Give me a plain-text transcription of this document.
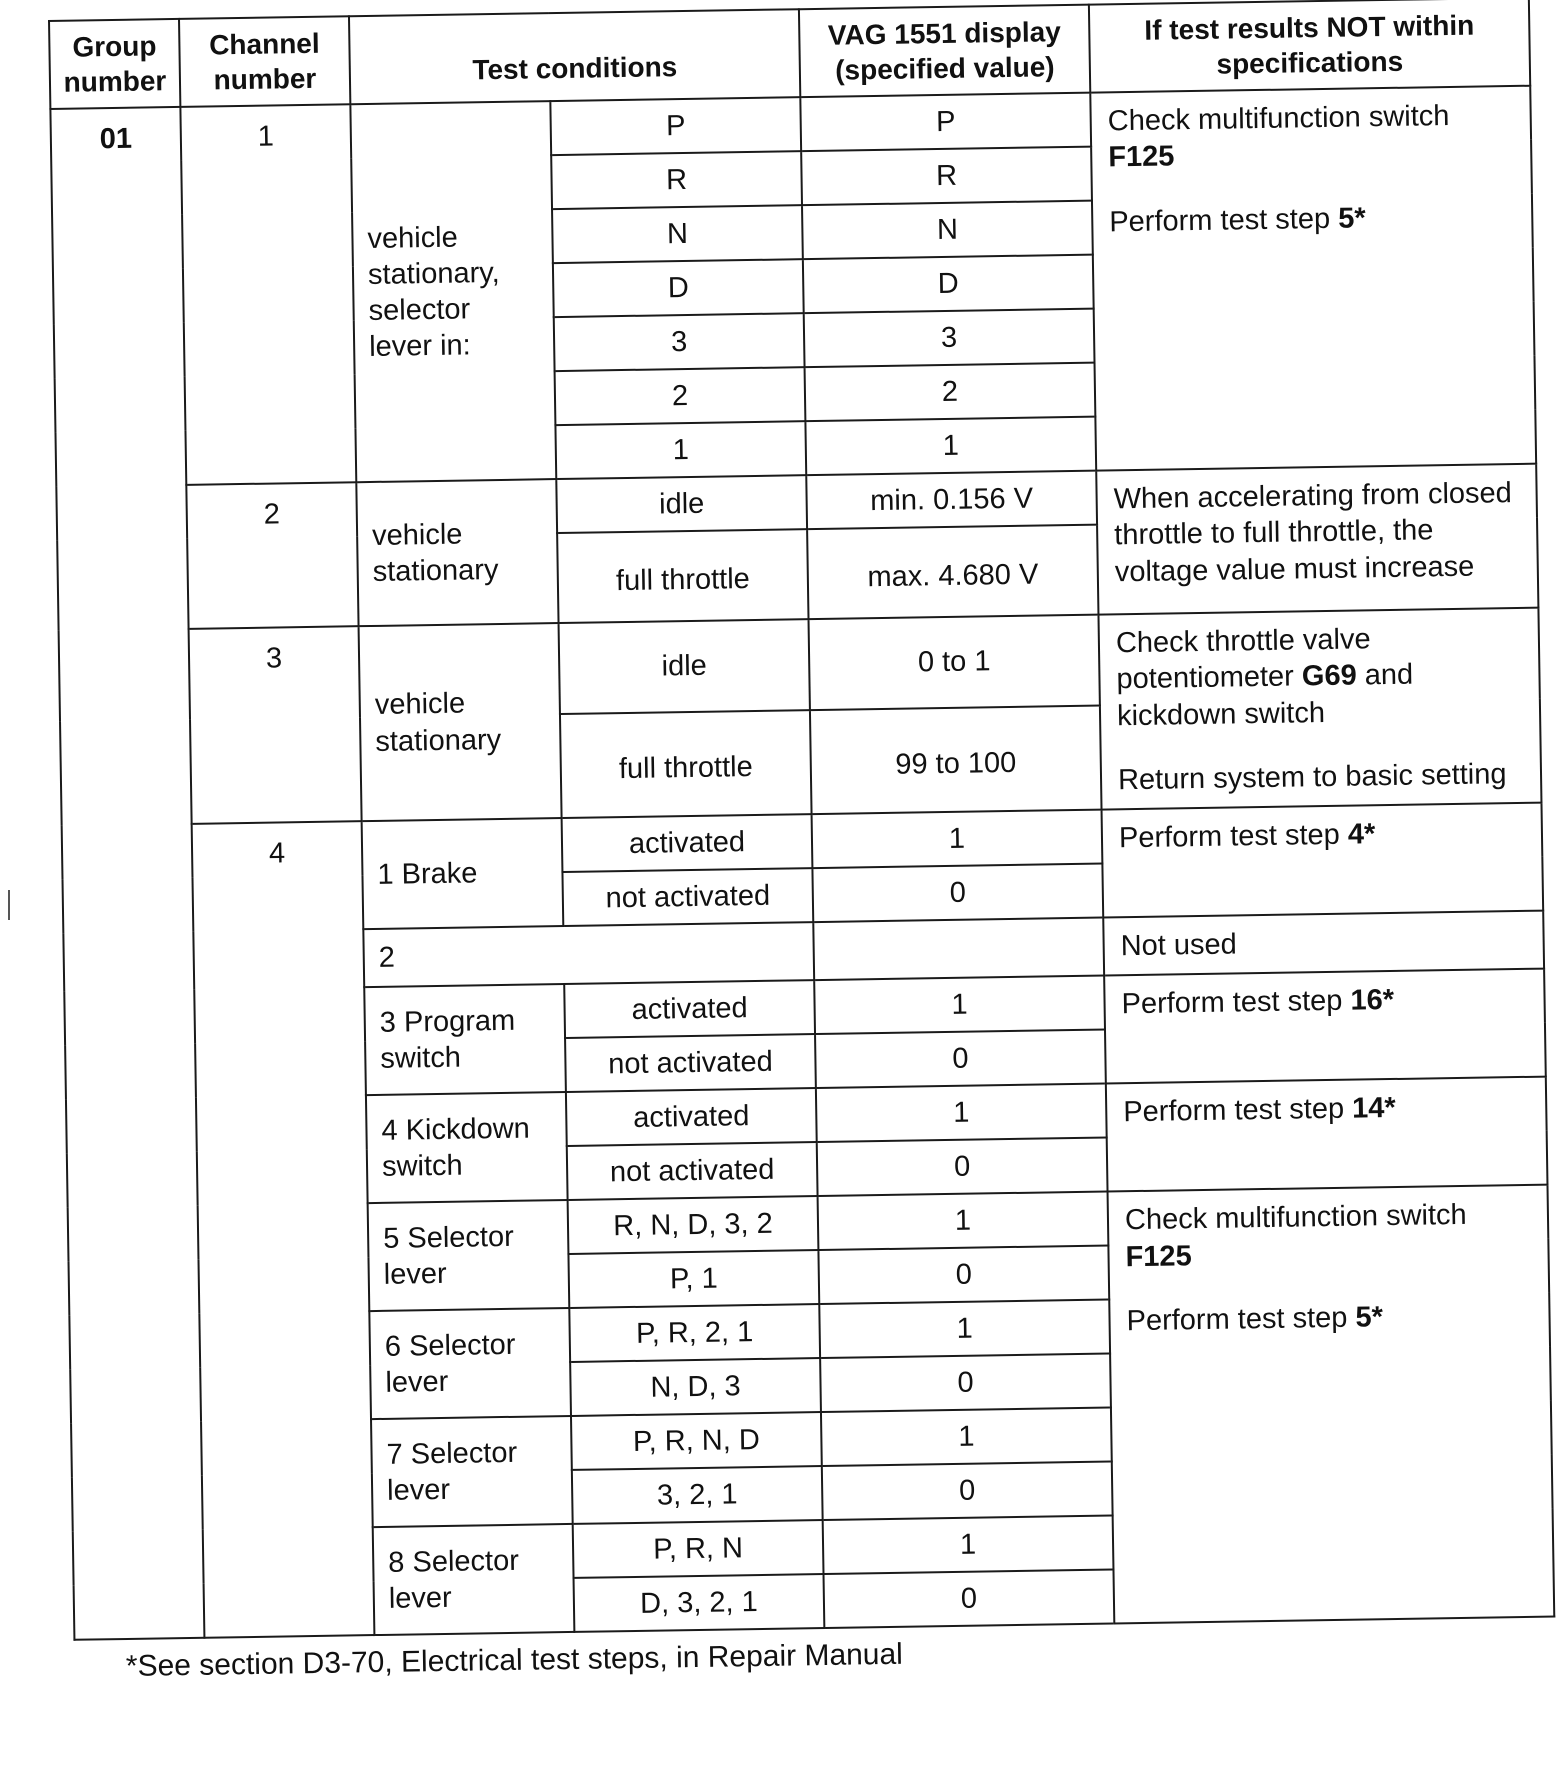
Group number	Channel number	Test conditions		VAG 1551 display (specified value)	If test results NOT within specifications
01	1	vehicle stationary, selector lever in:	P	P	Check multifunction switch F125

Perform test step 5*

			R	R	
			N	N	
			D	D	
			3	3	
			2	2	
			1	1	
	2	vehicle stationary	idle	min. 0.156 V	When accelerating from closed throttle to full throttle, the voltage value must increase
			full throttle	max. 4.680 V	
	3	vehicle stationary	idle	0 to 1	Check throttle valve potentiometer G69 and kickdown switch

Return system to basic setting

			full throttle	99 to 100	
	4	1 Brake	activated	1	Perform test step 4*
			not activated	0	
		2			Not used
		3 Program switch	activated	1	Perform test step 16*
			not activated	0	
		4 Kickdown switch	activated	1	Perform test step 14*
			not activated	0	
		5 Selector lever	R, N, D, 3, 2	1	Check multifunction switch F125

Perform test step 5*

			P, 1	0	
		6 Selector lever	P, R, 2, 1	1	
			N, D, 3	0	
		7 Selector lever	P, R, N, D	1	
			3, 2, 1	0	
		8 Selector lever	P, R, N	1	
			D, 3, 2, 1	0	
*See section D3-70, Electrical test steps, in Repair Manual
